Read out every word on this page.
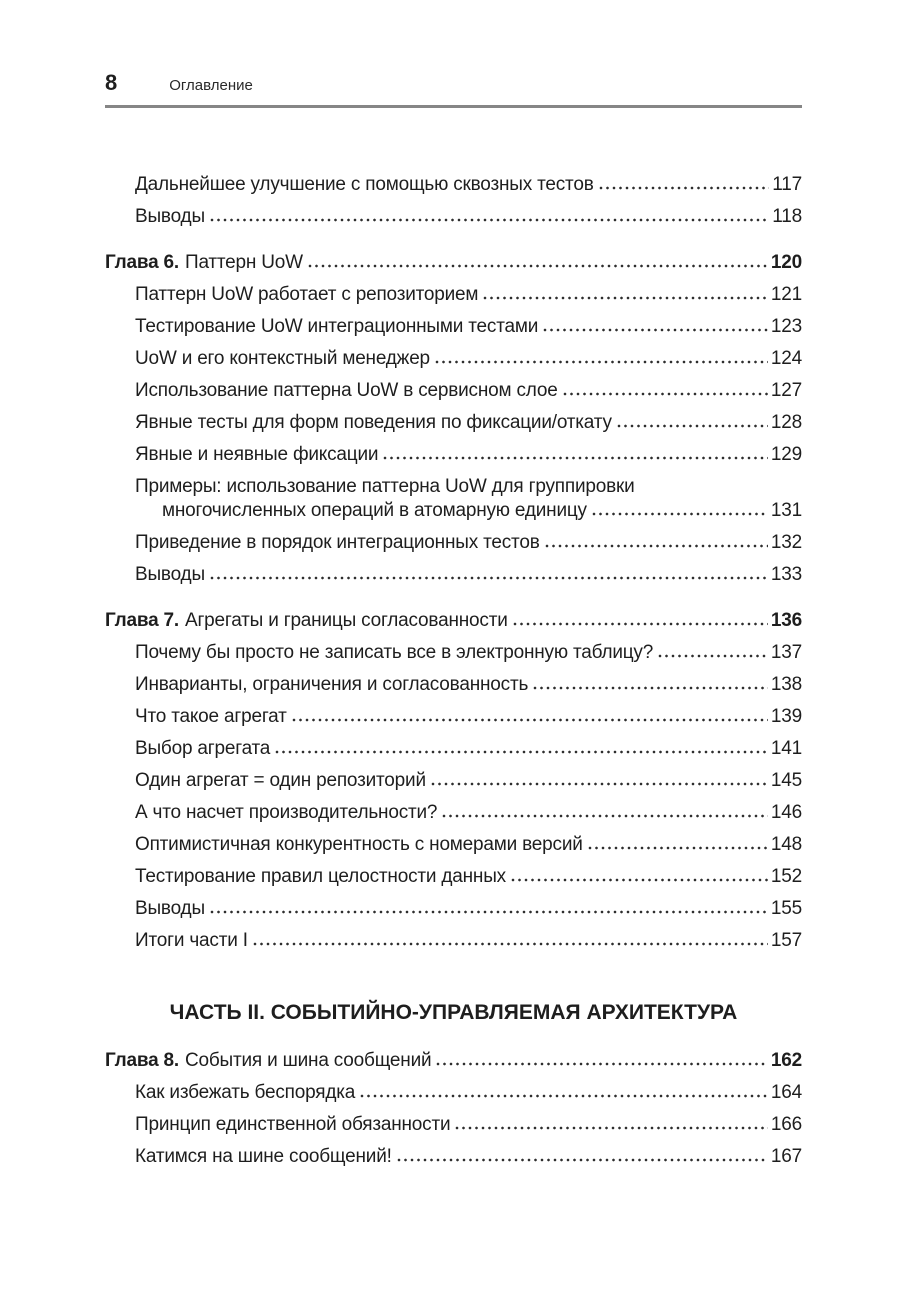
8	Оглавление
Дальнейшее улучшение с помощью сквозных тестов	117
Выводы	118
Глава 6. Паттерн UoW	120
Паттерн UoW работает с репозиторием	121
Тестирование UoW интеграционными тестами	123
UoW и его контекстный менеджер	124
Использование паттерна UoW в сервисном слое	127
Явные тесты для форм поведения по фиксации/откату	128
Явные и неявные фиксации	129
Примеры: использование паттерна UoW для группировки
многочисленных операций в атомарную единицу	131
Приведение в порядок интеграционных тестов	132
Выводы	133
Глава 7. Агрегаты и границы согласованности	136
Почему бы просто не записать все в электронную таблицу?	137
Инварианты, ограничения и согласованность	138
Что такое агрегат	139
Выбор агрегата	141
Один агрегат = один репозиторий	145
А что насчет производительности?	146
Оптимистичная конкурентность с номерами версий	148
Тестирование правил целостности данных	152
Выводы	155
Итоги части I	157
ЧАСТЬ II. СОБЫТИЙНО-УПРАВЛЯЕМАЯ АРХИТЕКТУРА
Глава 8. События и шина сообщений	162
Как избежать беспорядка	164
Принцип единственной обязанности	166
Катимся на шине сообщений!	167
